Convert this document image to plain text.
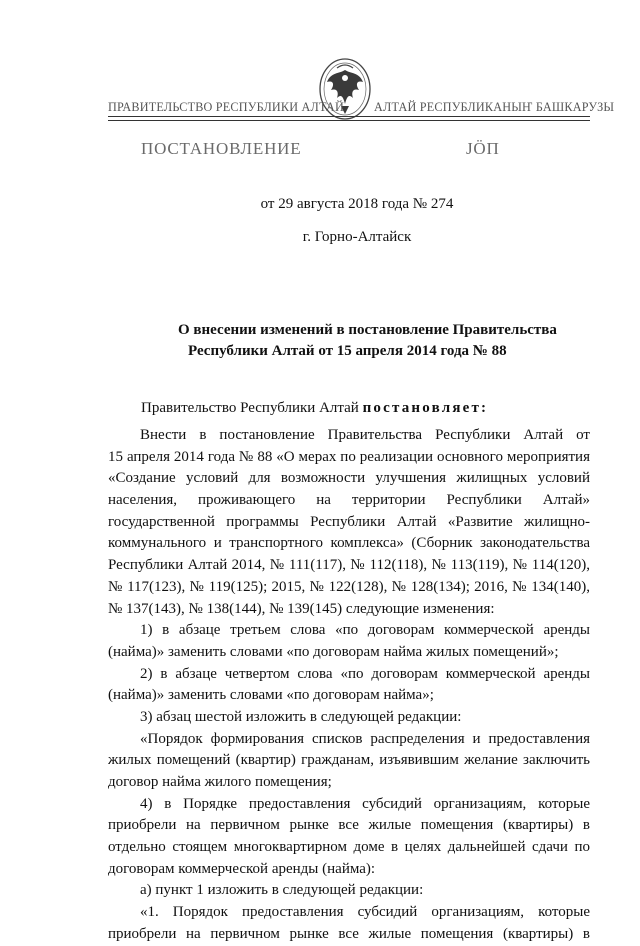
ПРАВИТЕЛЬСТВО РЕСПУБЛИКИ АЛТАЙ АЛТАЙ РЕСПУБЛИКАНЫҤ БАШКАРУЗЫ
ПОСТАНОВЛЕНИЕ	ЈӦП
от 29 августа 2018 года № 274
г. Горно-Алтайск
О внесении изменений в постановление Правительства
Республики Алтай от 15 апреля 2014 года № 88
Правительство Республики Алтай постановляет:
Внести в постановление Правительства Республики Алтай от
15 апреля 2014 года № 88 «О мерах по реализации основного мероприятия
«Создание условий для возможности улучшения жилищных условий
населения, проживающего на территории Республики Алтай»
государственной программы Республики Алтай «Развитие жилищно-
коммунального и транспортного комплекса» (Сборник законодательства
Республики Алтай 2014, № 111(117), № 112(118), № 113(119), № 114(120),
№ 117(123), № 119(125); 2015, № 122(128), № 128(134); 2016, № 134(140),
№ 137(143), № 138(144), № 139(145) следующие изменения:
1) в абзаце третьем слова «по договорам коммерческой аренды
(найма)» заменить словами «по договорам найма жилых помещений»;
2) в абзаце четвертом слова «по договорам коммерческой аренды
(найма)» заменить словами «по договорам найма»;
3) абзац шестой изложить в следующей редакции:
«Порядок формирования списков распределения и предоставления
жилых помещений (квартир) гражданам, изъявившим желание заключить
договор найма жилого помещения;
4) в Порядке предоставления субсидий организациям, которые
приобрели на первичном рынке все жилые помещения (квартиры) в
отдельно стоящем многоквартирном доме в целях дальнейшей сдачи по
договорам коммерческой аренды (найма):
а) пункт 1 изложить в следующей редакции:
«1. Порядок предоставления субсидий организациям, которые
приобрели на первичном рынке все жилые помещения (квартиры) в
